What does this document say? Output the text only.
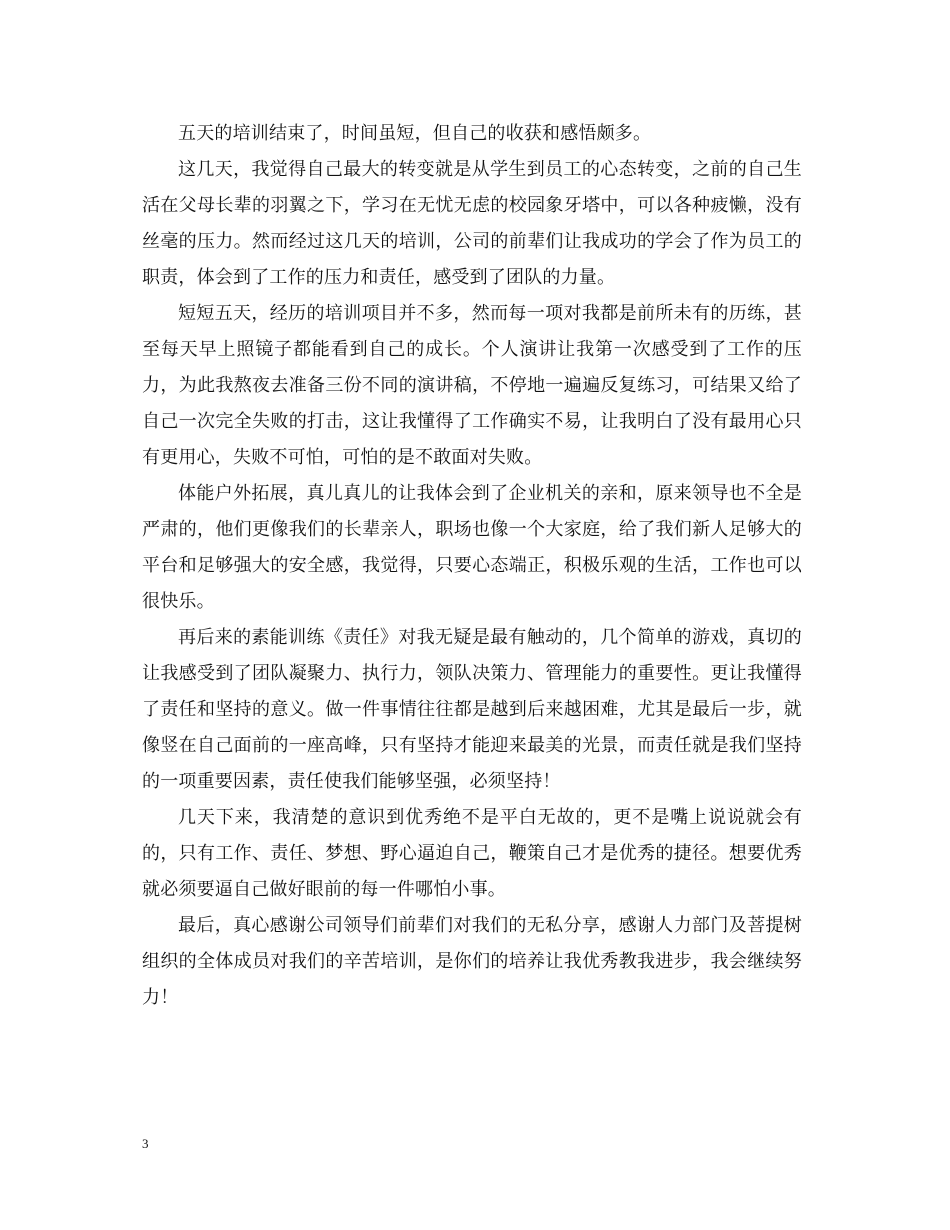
五天的培训结束了，时间虽短，但自己的收获和感悟颇多。

这几天，我觉得自己最大的转变就是从学生到员工的心态转变，之前的自己生活在父母长辈的羽翼之下，学习在无忧无虑的校园象牙塔中，可以各种疲懒，没有丝毫的压力。然而经过这几天的培训，公司的前辈们让我成功的学会了作为员工的职责，体会到了工作的压力和责任，感受到了团队的力量。

短短五天，经历的培训项目并不多，然而每一项对我都是前所未有的历练，甚至每天早上照镜子都能看到自己的成长。个人演讲让我第一次感受到了工作的压力，为此我熬夜去准备三份不同的演讲稿，不停地一遍遍反复练习，可结果又给了自己一次完全失败的打击，这让我懂得了工作确实不易，让我明白了没有最用心只有更用心，失败不可怕，可怕的是不敢面对失败。

体能户外拓展，真儿真儿的让我体会到了企业机关的亲和，原来领导也不全是严肃的，他们更像我们的长辈亲人，职场也像一个大家庭，给了我们新人足够大的平台和足够强大的安全感，我觉得，只要心态端正，积极乐观的生活，工作也可以很快乐。

再后来的素能训练《责任》对我无疑是最有触动的，几个简单的游戏，真切的让我感受到了团队凝聚力、执行力，领队决策力、管理能力的重要性。更让我懂得了责任和坚持的意义。做一件事情往往都是越到后来越困难，尤其是最后一步，就像竖在自己面前的一座高峰，只有坚持才能迎来最美的光景，而责任就是我们坚持的一项重要因素，责任使我们能够坚强，必须坚持！

几天下来，我清楚的意识到优秀绝不是平白无故的，更不是嘴上说说就会有的，只有工作、责任、梦想、野心逼迫自己，鞭策自己才是优秀的捷径。想要优秀就必须要逼自己做好眼前的每一件哪怕小事。

最后，真心感谢公司领导们前辈们对我们的无私分享，感谢人力部门及菩提树组织的全体成员对我们的辛苦培训，是你们的培养让我优秀教我进步，我会继续努力！

3
